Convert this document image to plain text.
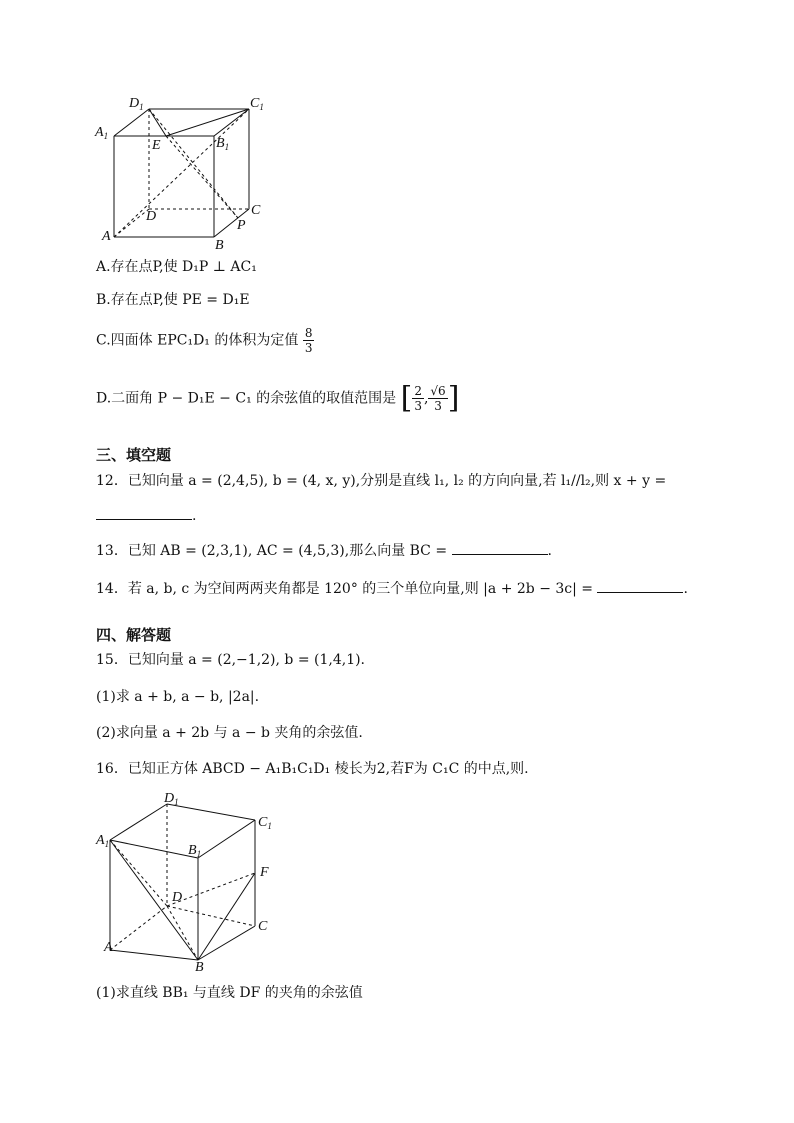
$D_1$	$C_1$
$A_1$
E	$B_1$
D	C
P
A
B
A.存在点P,使 D₁P ⊥ AC₁
B.存在点P,使 PE = D₁E
C.四面体 EPC₁D₁ 的体积为定值 $\frac{8}{3}$
D.二面角 P − D₁E − C₁ 的余弦值的取值范围是 [ $\frac{2}{3}$ , $\frac{√6}{3}$ ]
三、填空题
12．已知向量 a = (2,4,5), b = (4, x, y),分别是直线 l₁, l₂ 的方向向量,若 l₁//l₂,则 x + y =
.
13．已知 AB = (2,3,1), AC = (4,5,3),那么向量 BC =	.
14．若 a, b, c 为空间两两夹角都是 120° 的三个单位向量,则 |a + 2b − 3c| =	.
四、解答题
15．已知向量 a = (2,−1,2), b = (1,4,1).
(1)求 a + b, a − b, |2a|.
(2)求向量 a + 2b 与 a − b 夹角的余弦值.
16．已知正方体 ABCD − A₁B₁C₁D₁ 棱长为2,若F为 C₁C 的中点,则.
$D_1$
$C_1$
$A_1$	$B_1$
F
D
C
A
B
(1)求直线 BB₁ 与直线 DF 的夹角的余弦值
